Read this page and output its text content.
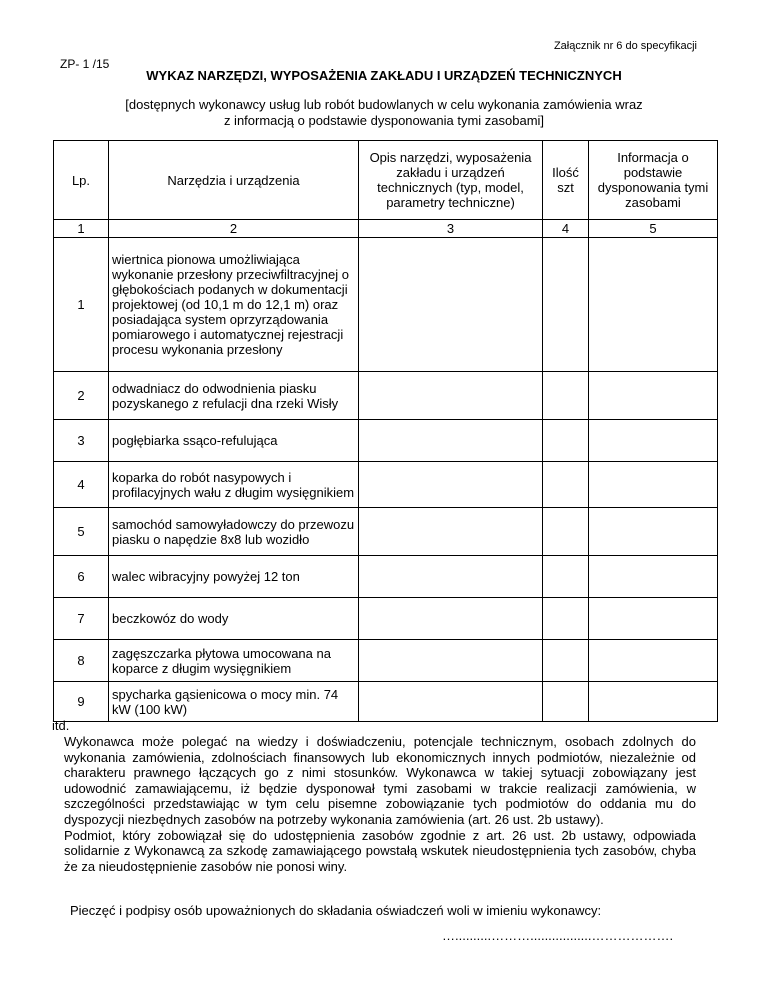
Załącznik nr 6 do specyfikacji
ZP- 1 /15
WYKAZ NARZĘDZI, WYPOSAŻENIA ZAKŁADU I URZĄDZEŃ TECHNICZNYCH
[dostępnych wykonawcy usług lub robót budowlanych w celu wykonania zamówienia wraz
z informacją o podstawie dysponowania tymi zasobami]
Lp.	Narzędzia i urządzenia	Opis narzędzi, wyposażenia zakładu i urządzeń technicznych (typ, model, parametry techniczne)	Ilość szt	Informacja o podstawie dysponowania tymi zasobami
1	2	3	4	5
1	wiertnica pionowa umożliwiająca wykonanie przesłony przeciwfiltracyjnej o głębokościach podanych w dokumentacji projektowej (od 10,1 m do 12,1 m) oraz posiadająca system oprzyrządowania pomiarowego i automatycznej rejestracji procesu wykonania przesłony			
2	odwadniacz do odwodnienia piasku pozyskanego z refulacji dna rzeki Wisły			
3	pogłębiarka ssąco-refulująca			
4	koparka do robót nasypowych i profilacyjnych wału z długim wysięgnikiem			
5	samochód samowyładowczy do przewozu piasku o napędzie 8x8 lub wozidło			
6	walec wibracyjny powyżej 12 ton			
7	beczkowóz do wody			
8	zagęszczarka płytowa umocowana na koparce z długim wysięgnikiem			
9	spycharka gąsienicowa o mocy min. 74 kW (100 kW)			
itd.

Wykonawca może polegać na wiedzy i doświadczeniu, potencjale technicznym, osobach zdolnych do wykonania zamówienia, zdolnościach finansowych lub ekonomicznych innych podmiotów, niezależnie od charakteru prawnego łączących go z nimi stosunków. Wykonawca w takiej sytuacji zobowiązany jest udowodnić zamawiającemu, iż będzie dysponował tymi zasobami w trakcie realizacji zamówienia, w szczególności przedstawiając w tym celu pisemne zobowiązanie tych podmiotów do oddania mu do dyspozycji niezbędnych zasobów na potrzeby wykonania zamówienia (art. 26 ust. 2b ustawy).

Podmiot, który zobowiązał się do udostępnienia zasobów zgodnie z art. 26 ust. 2b ustawy, odpowiada solidarnie z Wykonawcą za szkodę zamawiającego powstałą wskutek nieudostępnienia tych zasobów, chyba że za nieudostępnienie zasobów nie ponosi winy.

Pieczęć i podpisy osób upoważnionych do składania oświadczeń woli w imieniu wykonawcy:
…..........……….................……………….
